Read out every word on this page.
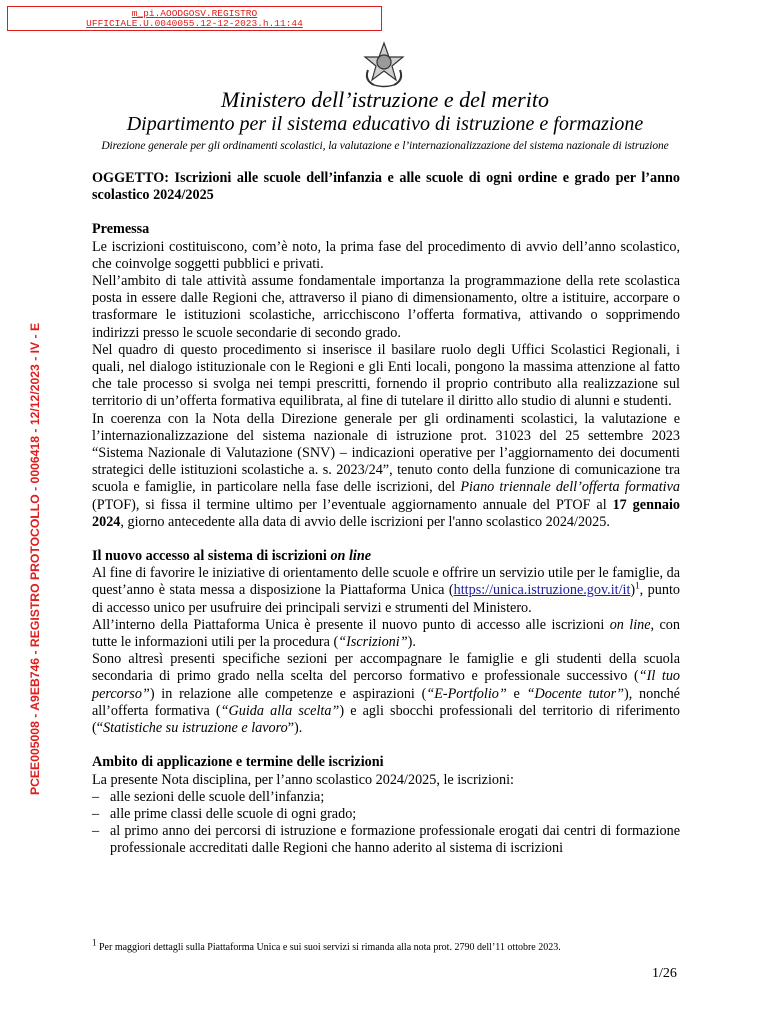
m_pi.AOODGOSV.REGISTRO
UFFICIALE.U.0040055.12-12-2023.h.11:44
Ministero dell’istruzione e del merito
Dipartimento per il sistema educativo di istruzione e formazione
Direzione generale per gli ordinamenti scolastici, la valutazione e l’internazionalizzazione del sistema nazionale di istruzione
PCEE005008 - A9EB746 - REGISTRO PROTOCOLLO - 0006418 - 12/12/2023 - IV - E
OGGETTO: Iscrizioni alle scuole dell’infanzia e alle scuole di ogni ordine e grado per l’anno scolastico 2024/2025
Premessa
Le iscrizioni costituiscono, com’è noto, la prima fase del procedimento di avvio dell’anno scolastico, che coinvolge soggetti pubblici e privati.
Nell’ambito di tale attività assume fondamentale importanza la programmazione della rete scolastica posta in essere dalle Regioni che, attraverso il piano di dimensionamento, oltre a istituire, accorpare o trasformare le istituzioni scolastiche, arricchiscono l’offerta formativa, attivando o sopprimendo indirizzi presso le scuole secondarie di secondo grado.
Nel quadro di questo procedimento si inserisce il basilare ruolo degli Uffici Scolastici Regionali, i quali, nel dialogo istituzionale con le Regioni e gli Enti locali, pongono la massima attenzione al fatto che tale processo si svolga nei tempi prescritti, fornendo il proprio contributo alla realizzazione sul territorio di un’offerta formativa equilibrata, al fine di tutelare il diritto allo studio di alunni e studenti.
In coerenza con la Nota della Direzione generale per gli ordinamenti scolastici, la valutazione e l’internazionalizzazione del sistema nazionale di istruzione prot. 31023 del 25 settembre 2023 “Sistema Nazionale di Valutazione (SNV) – indicazioni operative per l’aggiornamento dei documenti strategici delle istituzioni scolastiche a. s. 2023/24”, tenuto conto della funzione di comunicazione tra scuola e famiglie, in particolare nella fase delle iscrizioni, del Piano triennale dell’offerta formativa (PTOF), si fissa il termine ultimo per l’eventuale aggiornamento annuale del PTOF al 17 gennaio 2024, giorno antecedente alla data di avvio delle iscrizioni per l'anno scolastico 2024/2025.
Il nuovo accesso al sistema di iscrizioni on line
Al fine di favorire le iniziative di orientamento delle scuole e offrire un servizio utile per le famiglie, da quest’anno è stata messa a disposizione la Piattaforma Unica (https://unica.istruzione.gov.it/it)$^1$, punto di accesso unico per usufruire dei principali servizi e strumenti del Ministero.
All’interno della Piattaforma Unica è presente il nuovo punto di accesso alle iscrizioni on line, con tutte le informazioni utili per la procedura (“Iscrizioni”).
Sono altresì presenti specifiche sezioni per accompagnare le famiglie e gli studenti della scuola secondaria di primo grado nella scelta del percorso formativo e professionale successivo (“Il tuo percorso”) in relazione alle competenze e aspirazioni (“E-Portfolio” e “Docente tutor”), nonché all’offerta formativa (“Guida alla scelta”) e agli sbocchi professionali del territorio di riferimento (“Statistiche su istruzione e lavoro”).
Ambito di applicazione e termine delle iscrizioni
La presente Nota disciplina, per l’anno scolastico 2024/2025, le iscrizioni:
– alle sezioni delle scuole dell’infanzia;
– alle prime classi delle scuole di ogni grado;
– al primo anno dei percorsi di istruzione e formazione professionale erogati dai centri di formazione professionale accreditati dalle Regioni che hanno aderito al sistema di iscrizioni
$^1$ Per maggiori dettagli sulla Piattaforma Unica e sui suoi servizi si rimanda alla nota prot. 2790 dell’11 ottobre 2023.
1/26
